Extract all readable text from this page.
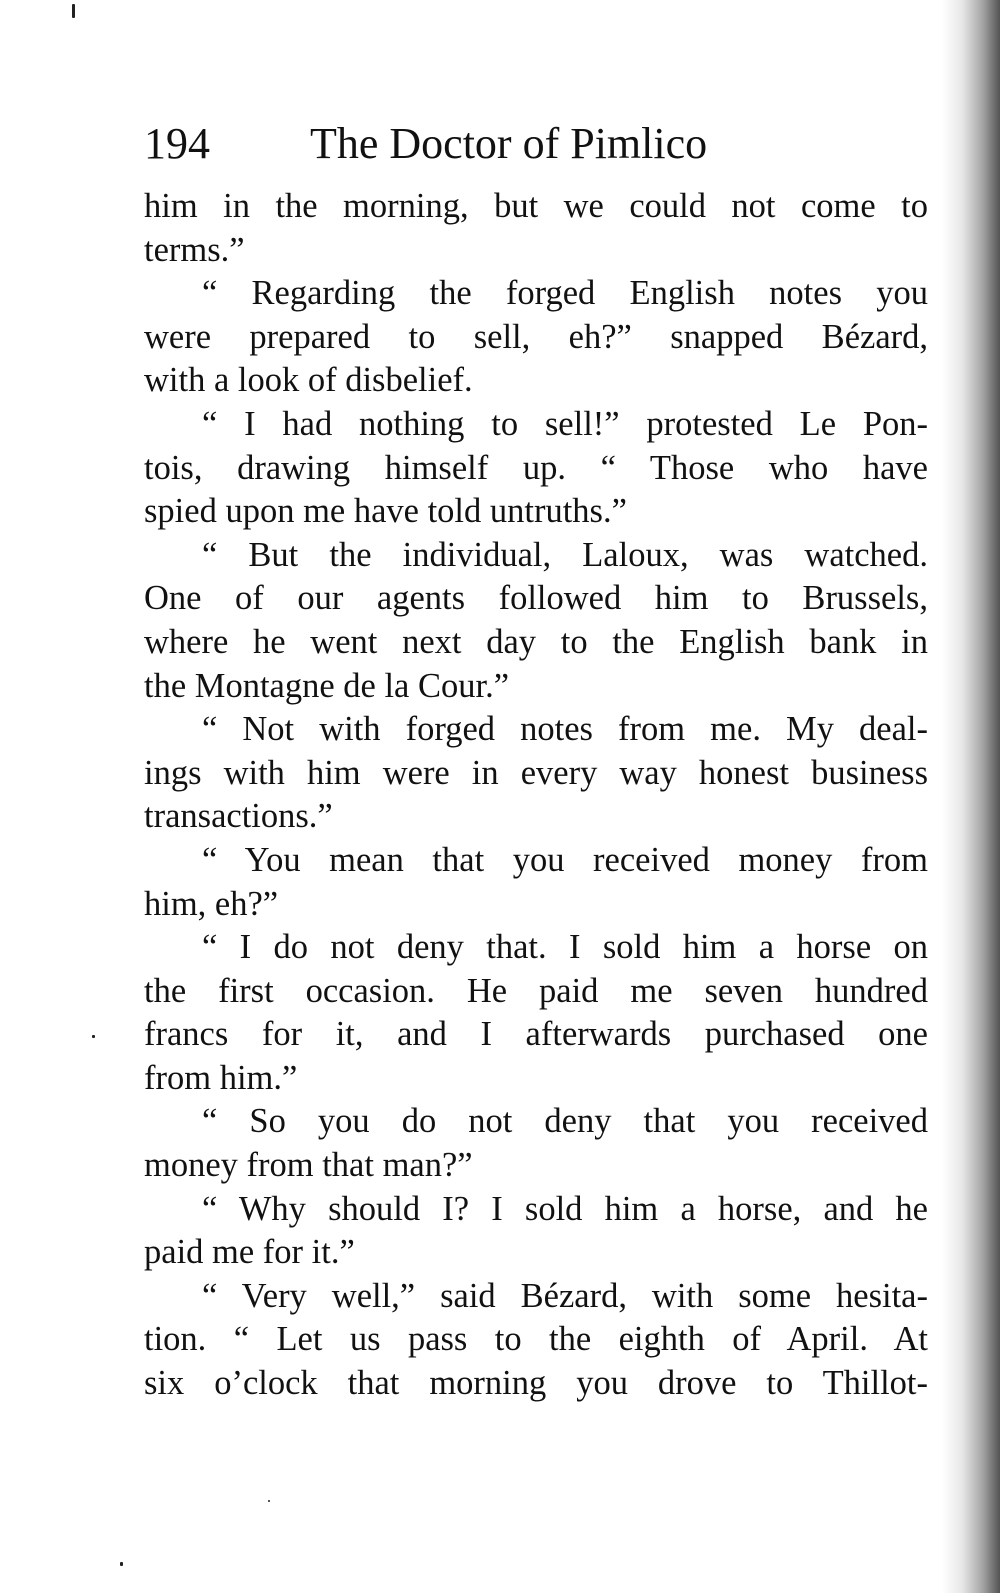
194 The Doctor of Pimlico
him in the morning, but we could not come to
terms.”
“ Regarding the forged English notes you
were prepared to sell, eh?” snapped Bézard,
with a look of disbelief.
“ I had nothing to sell!” protested Le Pon-
tois, drawing himself up. “ Those who have
spied upon me have told untruths.”
“ But the individual, Laloux, was watched.
One of our agents followed him to Brussels,
where he went next day to the English bank in
the Montagne de la Cour.”
“ Not with forged notes from me. My deal-
ings with him were in every way honest business
transactions.”
“ You mean that you received money from
him, eh?”
“ I do not deny that. I sold him a horse on
the first occasion. He paid me seven hundred
francs for it, and I afterwards purchased one
from him.”
“ So you do not deny that you received
money from that man?”
“ Why should I? I sold him a horse, and he
paid me for it.”
“ Very well,” said Bézard, with some hesita-
tion. “ Let us pass to the eighth of April. At
six o’clock that morning you drove to Thillot-
